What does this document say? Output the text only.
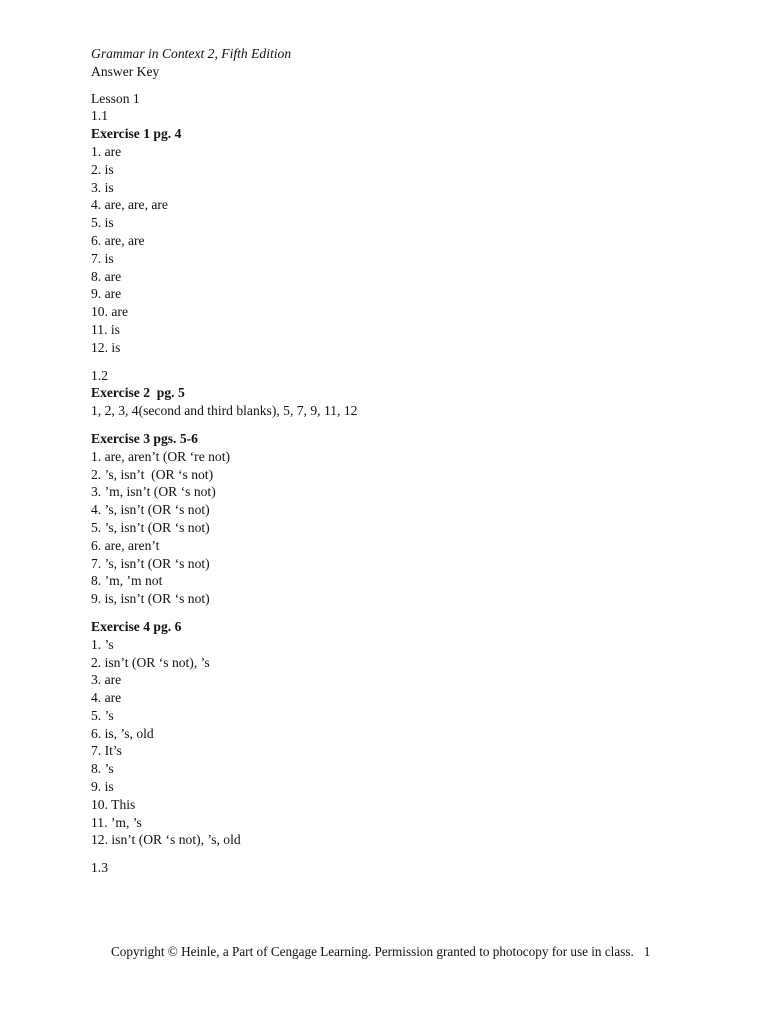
Grammar in Context 2, Fifth Edition
Answer Key
Lesson 1
1.1
Exercise 1 pg. 4
1. are
2. is
3. is
4. are, are, are
5. is
6. are, are
7. is
8. are
9. are
10. are
11. is
12. is
1.2
Exercise 2  pg. 5
1, 2, 3, 4(second and third blanks), 5, 7, 9, 11, 12
Exercise 3 pgs. 5-6
1. are, aren’t (OR ‘re not)
2. ’s, isn’t  (OR ‘s not)
3. ’m, isn’t (OR ‘s not)
4. ’s, isn’t (OR ‘s not)
5. ’s, isn’t (OR ‘s not)
6. are, aren’t
7. ’s, isn’t (OR ‘s not)
8. ’m, ’m not
9. is, isn’t (OR ‘s not)
Exercise 4 pg. 6
1. ’s
2. isn’t (OR ‘s not), ’s
3. are
4. are
5. ’s
6. is, ’s, old
7. It’s
8. ’s
9. is
10. This
11. ’m, ’s
12. isn’t (OR ‘s not), ’s, old
1.3
Copyright © Heinle, a Part of Cengage Learning. Permission granted to photocopy for use in class. 1
